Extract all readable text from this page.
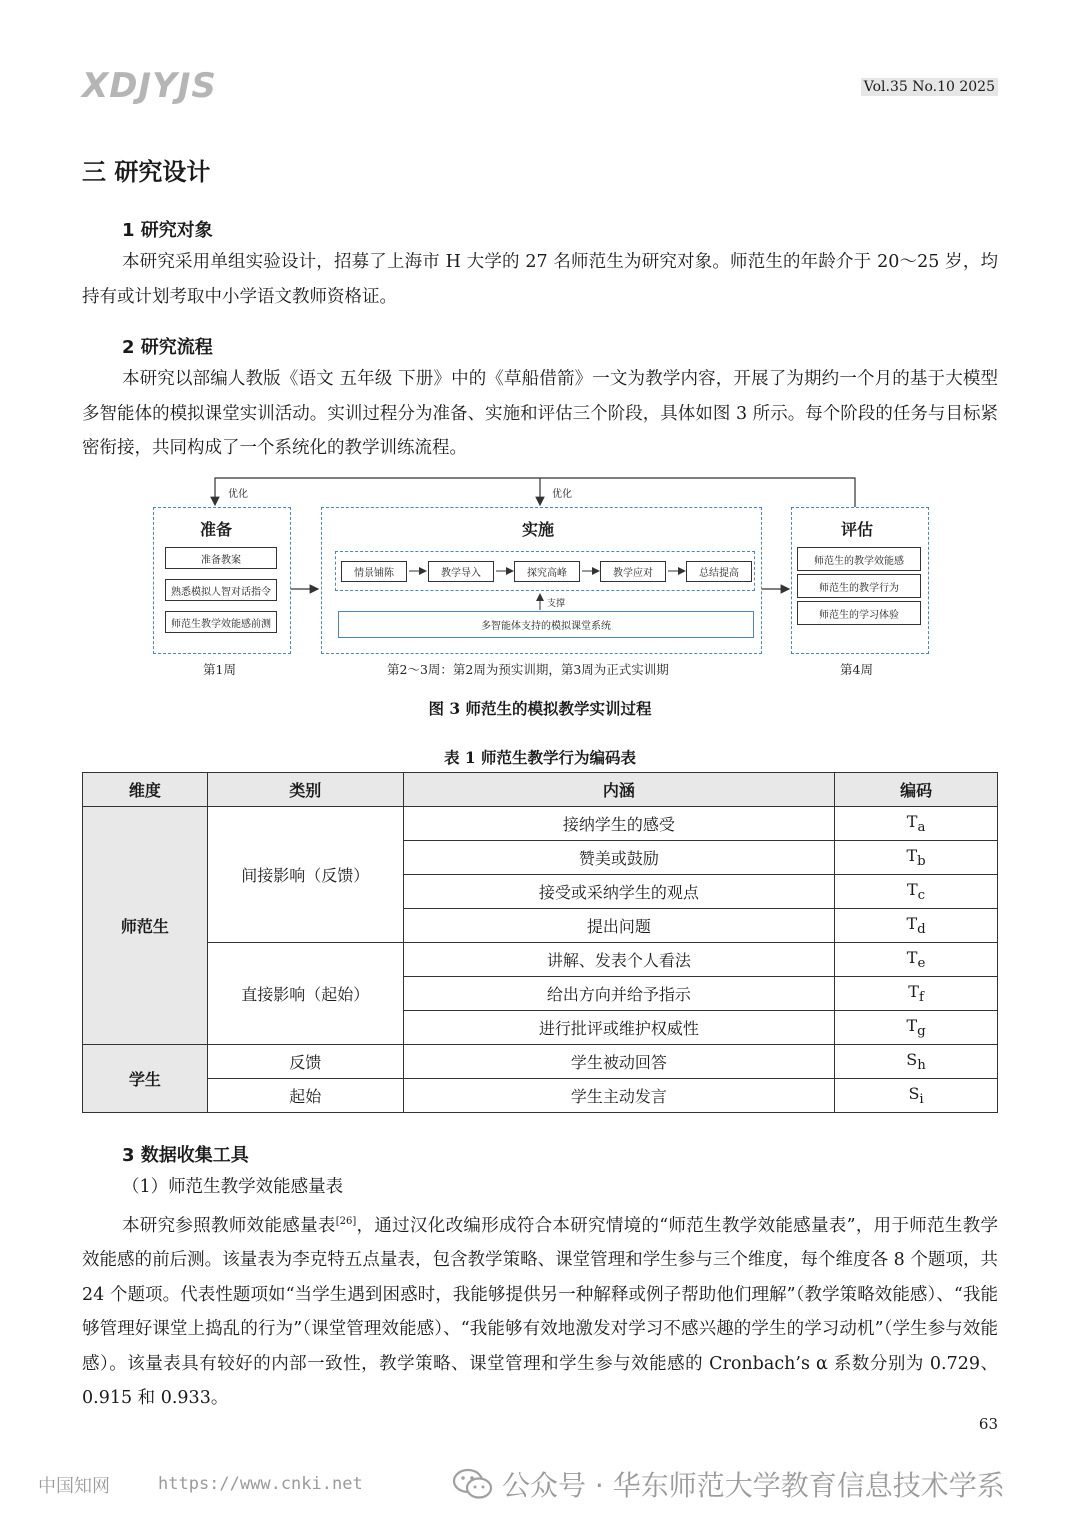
XDJYJS	Vol.35 No.10 2025
三 研究设计
1 研究对象

本研究采用单组实验设计，招募了上海市 H 大学的 27 名师范生为研究对象。师范生的年龄介于 20～25 岁，均持有或计划考取中小学语文教师资格证。

2 研究流程

本研究以部编人教版《语文 五年级 下册》中的《草船借箭》一文为教学内容，开展了为期约一个月的基于大模型多智能体的模拟课堂实训活动。实训过程分为准备、实施和评估三个阶段，具体如图 3 所示。每个阶段的任务与目标紧密衔接，共同构成了一个系统化的教学训练流程。

优化	优化
准备
准备教案
熟悉模拟人智对话指令
师范生教学效能感前测
第1周
实施
情景铺陈	教学导入	探究高峰	教学应对	总结提高
支撑
多智能体支持的模拟课堂系统
第2～3周：第2周为预实训期，第3周为正式实训期
评估
师范生的教学效能感
师范生的教学行为
师范生的学习体验
第4周
图 3 师范生的模拟教学实训过程
表 1 师范生教学行为编码表
维度	类别	内涵	编码
师范生	间接影响（反馈）	接纳学生的感受	$T_a$
		赞美或鼓励	$T_b$
		接受或采纳学生的观点	$T_c$
		提出问题	$T_d$
	直接影响（起始）	讲解、发表个人看法	$T_e$
		给出方向并给予指示	$T_f$
		进行批评或维护权威性	$T_g$
学生	反馈	学生被动回答	$S_h$
	起始	学生主动发言	$S_i$
3 数据收集工具
（1）师范生教学效能感量表

本研究参照教师效能感量表[26]，通过汉化改编形成符合本研究情境的“师范生教学效能感量表”，用于师范生教学效能感的前后测。该量表为李克特五点量表，包含教学策略、课堂管理和学生参与三个维度，每个维度各 8 个题项，共 24 个题项。代表性题项如“当学生遇到困惑时，我能够提供另一种解释或例子帮助他们理解”（教学策略效能感）、“我能够管理好课堂上捣乱的行为”（课堂管理效能感）、“我能够有效地激发对学习不感兴趣的学生的学习动机”（学生参与效能感）。该量表具有较好的内部一致性，教学策略、课堂管理和学生参与效能感的 Cronbach’s α 系数分别为 0.729、0.915 和 0.933。

63
中国知网	https://www.cnki.net	公众号 · 华东师范大学教育信息技术学系
